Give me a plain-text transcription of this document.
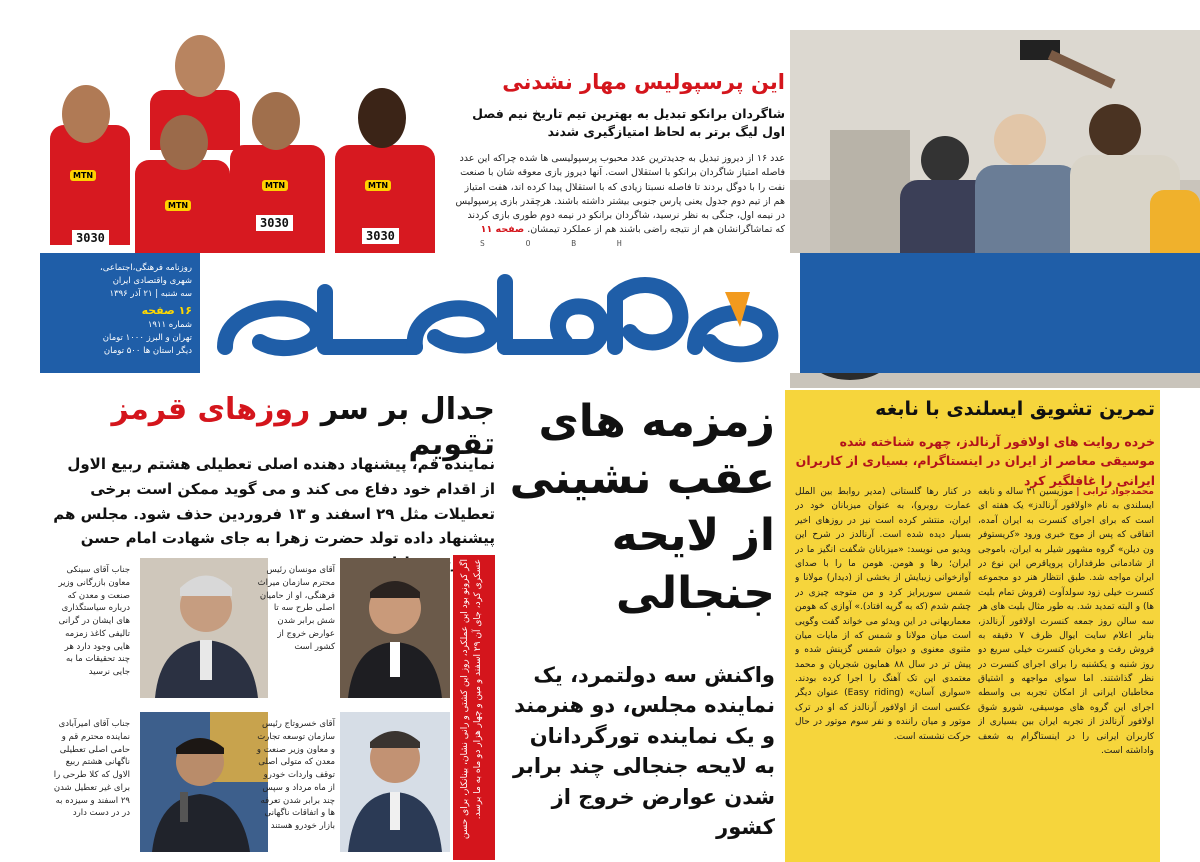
MTN
3030
MTN
MTN
3030
MTN
3030
این پرسپولیس مهار نشدنی
شاگردان برانکو تبدیل به بهترین تیم تاریخ نیم فصل اول لیگ برتر به لحاظ امتیازگیری شدند
عدد ۱۶ از دیروز تبدیل به جدیدترین عدد محبوب پرسپولیسی ها شده چراکه این عدد فاصله امتیاز شاگردان برانکو با استقلال است. آنها دیروز بازی معوقه شان با صنعت نفت را با دوگل بردند تا فاصله نسبتا زیادی که با استقلال پیدا کرده اند، هفت امتیاز هم از تیم دوم جدول یعنی پارس جنوبی بیشتر داشته باشند. هرچقدر بازی پرسپولیس در نیمه اول، جنگی به نظر نرسید، شاگردان برانکو در نیمه دوم طوری بازی کردند که تماشاگرانشان هم از نتیجه راضی باشند هم از عملکرد تیمشان. صفحه ۱۱
S O B H
روزنامه فرهنگی،اجتماعی،
شهری واقتصادی ایران
سه شنبه | ۲۱ آذر ۱۳۹۶
۱۶ صفحه
شماره ۱۹۱۱
تهران و البرز ۱۰۰۰ تومان
دیگر استان ها ۵۰۰ تومان
جدال بر سر روزهای قرمز تقویم
نماینده قم، پیشنهاد دهنده اصلی تعطیلی هشتم ربیع الاول از اقدام خود دفاع می کند و می گوید ممکن است برخی تعطیلات مثل ۲۹ اسفند و ۱۳ فروردین حذف شود. مجلس هم پیشنهاد داده تولد حضرت زهرا به جای شهادت امام حسن
جناب آقای سینکی معاون بازرگانی وزیر صنعت و معدن که درباره سیاستگذاری های ایشان در گرانی تالیفی کاغذ زمزمه هایی وجود دارد هر چند تحقیقات ما به جایی نرسید
آقای مونسان رئیس محترم سازمان میراث فرهنگی، او از حامیان اصلی طرح سه تا شش برابر شدن عوارض خروج از کشور است
جناب آقای امیرآبادی نماینده محترم قم و حامی اصلی تعطیلی ناگهانی هشتم ربیع الاول که کلا طرحی را برای غیر تعطیل شدن ۲۹ اسفند و سیزده به در در دست دارد
آقای خسروتاج رئیس سازمان توسعه تجارت و معاون وزیر صنعت و معدن که متولی اصلی توقف واردات خودرو از ماه مرداد و سپس چند برابر شدن تعرفه ها و اتفاقات ناگهانی بازار خودرو هستند	اگر کرونو بود این عملکرد، روز این کشتی و رانی نشان، بینانکار، برای حسن عسکری کرد، جای آن ۲۹ اسفند و مین و چهار هزار دو ماه به ما برسد.
زمزمه های عقب نشینی از لایحه جنجالی
واکنش سه دولتمرد، یک نماینده مجلس، دو هنرمند و یک نماینده تورگردانان به لایحه جنجالی چند برابر شدن عوارض خروج از کشور
تمرین تشویق ایسلندی با نابغه
خرده روایت های اولافور آرنالدز، چهره شناخته شده موسیقی معاصر از ایران در اینستاگرام، بسیاری از کاربران ایرانی را غافلگیر کرد
محمدجواد ترابی | موزیسین ۳۱ ساله و نابغه ایسلندی به نام «اولافور آرنالدز» یک هفته ای است که برای اجرای کنسرت به ایران آمده، اتفاقی که پس از موج خبری ورود «کریستوفر ون دیلن» گروه مشهور شیلر به ایران، باموجی از شادمانی طرفداران پروپاقرص این نوع در ایران مواجه شد. طبق انتظار هنر دو مجموعه کنسرت خیلی زود سولدآوت (فروش تمام بلیت ها) و البته تمدید شد. به طور مثال بلیت های هر سه سالن روز جمعه کنسرت اولافور آرنالدز، بنابر اعلام سایت ایوال ظرف ۷ دقیقه به فروش رفت و مخربان کنسرت خیلی سریع دو روز شنبه و یکشنبه را برای اجرای کنسرت در نظر گذاشتند. اما سوای مواجهه و اشتیاق مخاطبان ایرانی از امکان تجربه بی واسطه اجرای این گروه های موسیقی، شورو شوق اولافور آرنالدز از تجربه ایران بین بسیاری از کاربران ایرانی را در اینستاگرام به شعف واداشته است.
در کنار رها گلستانی (مدیر روابط بین الملل عمارت روبرو)، به عنوان میزبانان خود در ایران، منتشر کرده است نیز در روزهای اخیر بسیار دیده شده است. آرنالدز در شرح این ویدیو می نویسد: «میزبانان شگفت انگیز ما در ایران؛ رها و هومن. هومن ما را با صدای آوازخوانی زیبایش از بخشی از (دیدار) مولانا و شمس سورپرایز کرد و من متوجه چیزی در چشم شدم (که به گریه افتاد).» آوازی که هومن معماربهانی در این ویدئو می خواند گفت وگویی است میان مولانا و شمس که از مایات میان مثنوی معنوی و دیوان شمس گزینش شده و پیش تر در سال ۸۸ همایون شجریان و محمد معتمدی این تک آهنگ را اجرا کرده بودند. «سواری آسان» (Easy riding) عنوان دیگر عکسی است از اولافور آرنالدز که او در ترک موتور و میان راننده و نفر سوم موتور در حال حرکت نشسته است.
